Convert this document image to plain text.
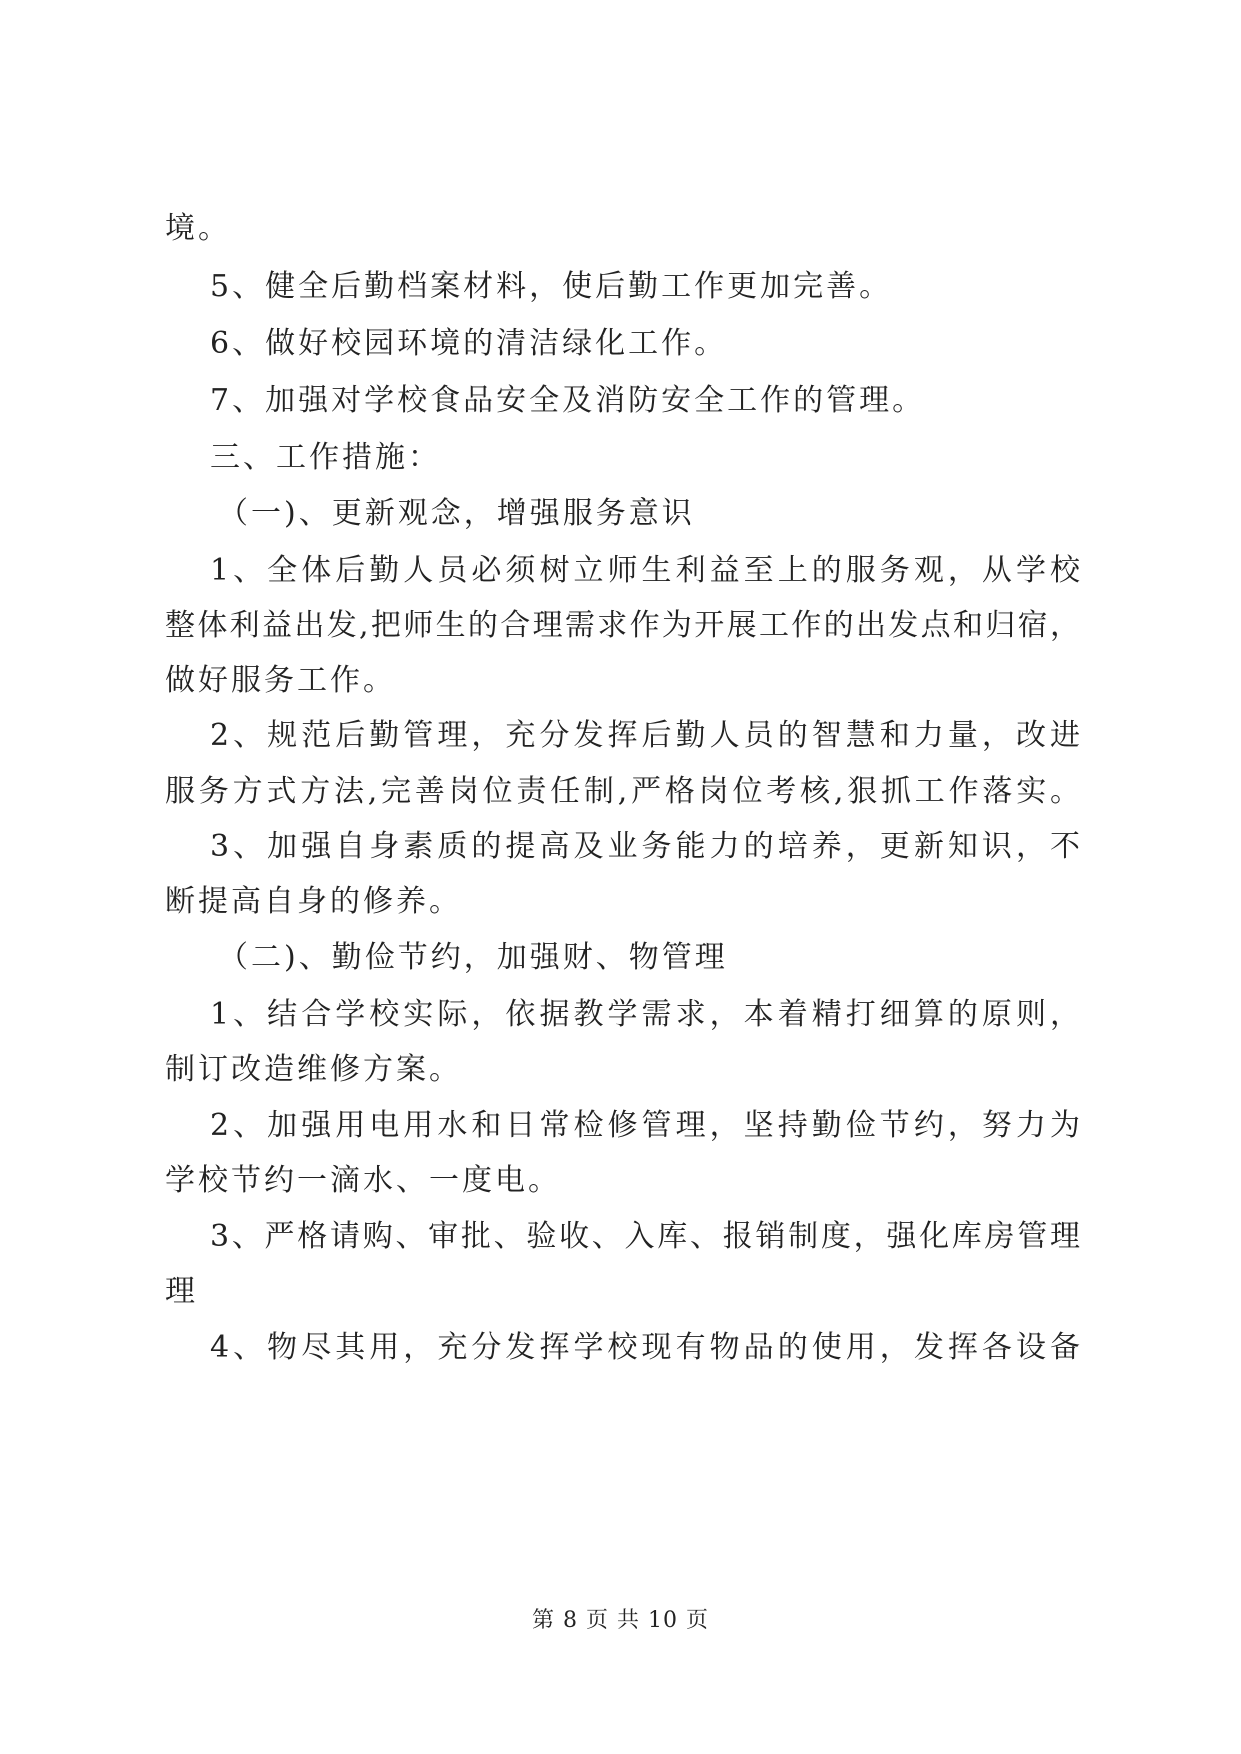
境。
5、健全后勤档案材料，使后勤工作更加完善。
6、做好校园环境的清洁绿化工作。
7、加强对学校食品安全及消防安全工作的管理。
三、工作措施：
（一)、更新观念，增强服务意识
1、全体后勤人员必须树立师生利益至上的服务观，从学校
整体利益出发,把师生的合理需求作为开展工作的出发点和归宿，
做好服务工作。
2、规范后勤管理，充分发挥后勤人员的智慧和力量，改进
服务方式方法,完善岗位责任制,严格岗位考核,狠抓工作落实。
3、加强自身素质的提高及业务能力的培养，更新知识，不
断提高自身的修养。
（二)、勤俭节约，加强财、物管理
1、结合学校实际，依据教学需求，本着精打细算的原则，
制订改造维修方案。
2、加强用电用水和日常检修管理，坚持勤俭节约，努力为
学校节约一滴水、一度电。
3、严格请购、审批、验收、入库、报销制度，强化库房管理
理
4、物尽其用，充分发挥学校现有物品的使用，发挥各设备
第 8 页 共 10 页
